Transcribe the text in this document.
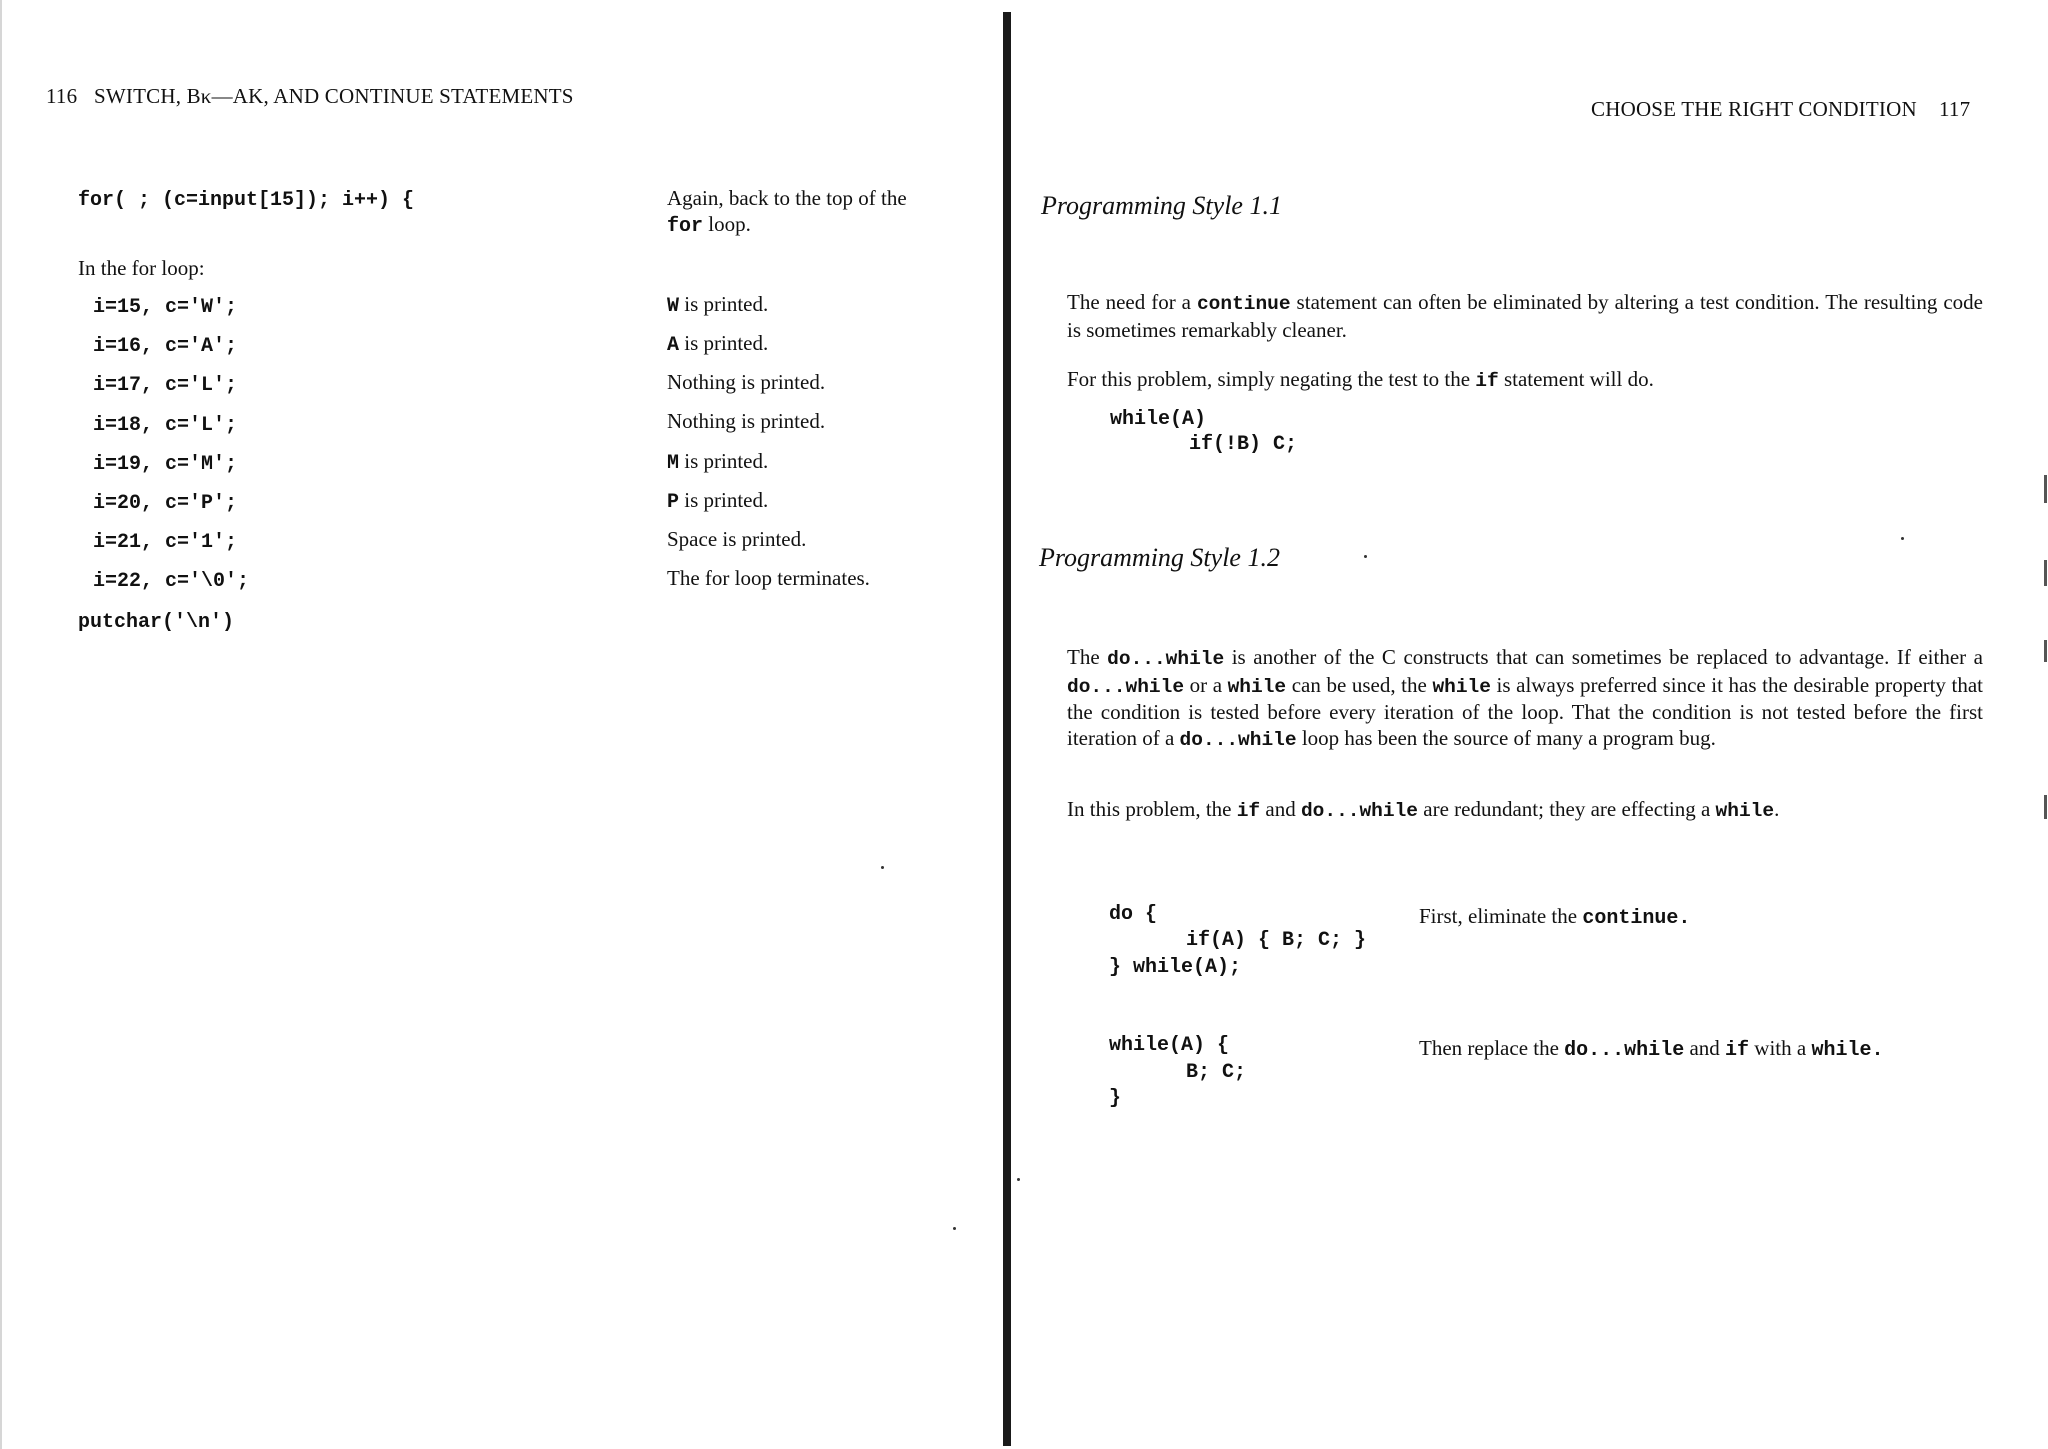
116 SWITCH, Bκ—AK, AND CONTINUE STATEMENTS
for( ; (c=input[15]); i++) {	Again, back to the top of the
for loop.
In the for loop:
i=15, c='W';	W is printed.
i=16, c='A';	A is printed.
i=17, c='L';	Nothing is printed.
i=18, c='L';	Nothing is printed.
i=19, c='M';	M is printed.
i=20, c='P';	P is printed.
i=21, c='1';	Space is printed.
i=22, c='\0';	The for loop terminates.
putchar('\n')
CHOOSE THE RIGHT CONDITION 117
Programming Style 1.1
The need for a continue statement can often be eliminated by altering a test condition. The resulting code is sometimes remarkably cleaner.
For this problem, simply negating the test to the if statement will do.
while(A)
if(!B) C;
Programming Style 1.2
The do...while is another of the C constructs that can sometimes be replaced to advantage. If either a do...while or a while can be used, the while is always preferred since it has the desirable property that the condition is tested before every iteration of the loop. That the condition is not tested before the first iteration of a do...while loop has been the source of many a program bug.
In this problem, the if and do...while are redundant; they are effecting a while.
do {
if(A) { B; C; }
} while(A);
First, eliminate the continue.
while(A) {
B; C;
}
Then replace the do...while and if with a while.
